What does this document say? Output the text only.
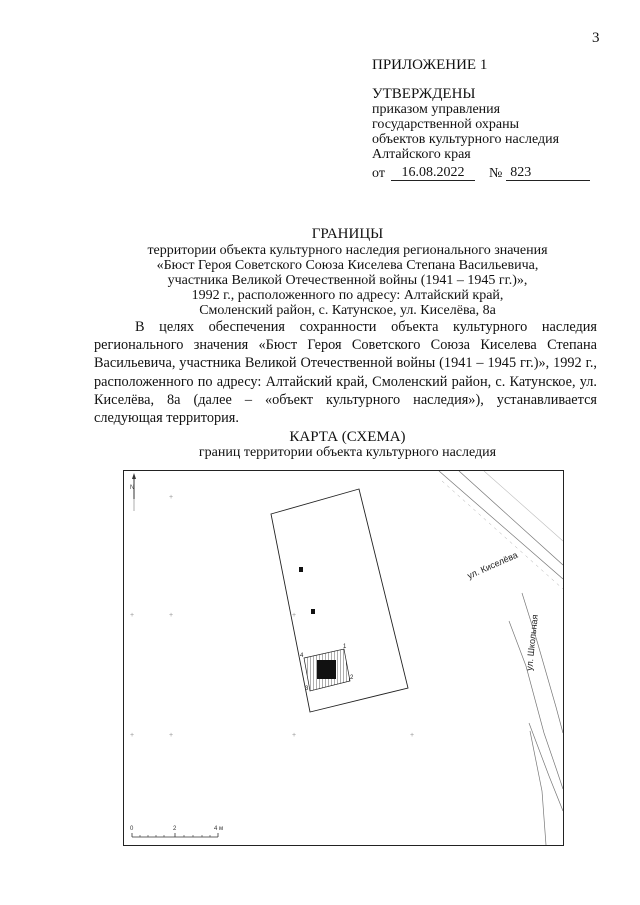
3
ПРИЛОЖЕНИЕ 1
УТВЕРЖДЕНЫ
приказом управления
государственной охраны
объектов культурного наследия
Алтайского края
от	16.08.2022	№ 823
ГРАНИЦЫ
территории объекта культурного наследия регионального значения
«Бюст Героя Советского Союза Киселева Степана Васильевича,
участника Великой Отечественной войны (1941 – 1945 гг.)»,
1992 г., расположенного по адресу: Алтайский край,
Смоленский район, с. Катунское, ул. Киселёва, 8а
В целях обеспечения сохранности объекта культурного наследия регионального значения «Бюст Героя Советского Союза Киселева Степана Васильевича, участника Великой Отечественной войны (1941 – 1945 гг.)», 1992 г., расположенного по адресу: Алтайский край, Смоленский район, с. Катунское, ул. Киселёва, 8а (далее – «объект культурного наследия»), устанавливается следующая территория.
КАРТА (СХЕМА)
границ территории объекта культурного наследия
N
+
+
+	+	+
+
+
+
ул. Киселёва
ул. Школьная
1
2
3
4
0	2	4 м
